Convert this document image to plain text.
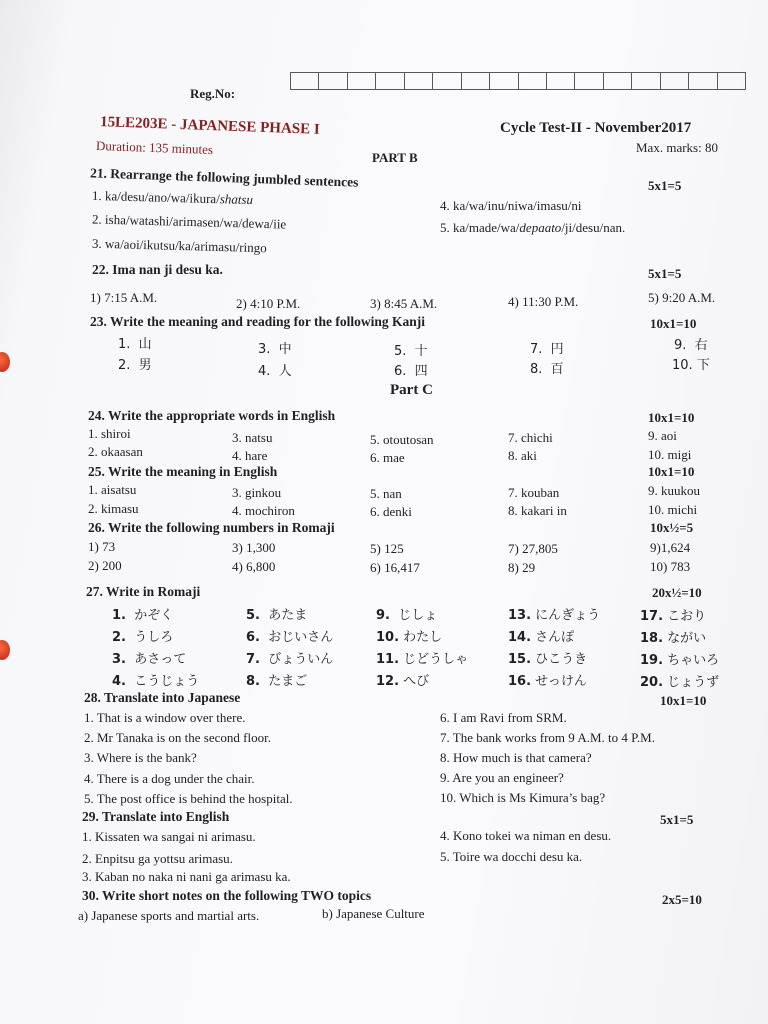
Reg.No:
15LE203E - JAPANESE PHASE I	Cycle Test-II - November2017
Duration: 135 minutes
PART B
Max. marks: 80
21. Rearrange the following jumbled sentences	5x1=5
1. ka/desu/ano/wa/ikura/shatsu
2. isha/watashi/arimasen/wa/dewa/iie
3. wa/aoi/ikutsu/ka/arimasu/ringo
4. ka/wa/inu/niwa/imasu/ni
5. ka/made/wa/depaato/ji/desu/nan.
22. Ima nan ji desu ka.	5x1=5
1) 7:15 A.M.	2) 4:10 P.M.	3) 8:45 A.M.	4) 11:30 P.M.	5) 9:20 A.M.
23. Write the meaning and reading for the following Kanji	10x1=10
1. 山
2. 男
3. 中
4. 人
5. 十
6. 四
7. 円
8. 百
9. 右
10. 下
Part C
24. Write the appropriate words in English	10x1=10
1. shiroi
2. okaasan
3. natsu
4. hare
5. otoutosan
6. mae
7. chichi
8. aki
9. aoi
10. migi
25. Write the meaning in English	10x1=10
1. aisatsu
2. kimasu
3. ginkou
4. mochiron
5. nan
6. denki
7. kouban
8. kakari in
9. kuukou
10. michi
26. Write the following numbers in Romaji	10x½=5
1) 73
2) 200
3) 1,300
4) 6,800
5) 125
6) 16,417
7) 27,805
8) 29
9)1,624
10) 783
27. Write in Romaji	20x½=10
1. かぞく
2. うしろ
3. あさって
4. こうじょう
5. あたま
6. おじいさん
7. びょういん
8. たまご
9. じしょ
10. わたし
11. じどうしゃ
12. へび
13. にんぎょう
14. さんぽ
15. ひこうき
16. せっけん
17. こおり
18. ながい
19. ちゃいろ
20. じょうず
28. Translate into Japanese	10x1=10
1. That is a window over there.
2. Mr Tanaka is on the second floor.
3. Where is the bank?
4. There is a dog under the chair.
5. The post office is behind the hospital.
6. I am Ravi from SRM.
7. The bank works from 9 A.M. to 4 P.M.
8. How much is that camera?
9. Are you an engineer?
10. Which is Ms Kimura’s bag?
29. Translate into English	5x1=5
1. Kissaten wa sangai ni arimasu.
2. Enpitsu ga yottsu arimasu.
3. Kaban no naka ni nani ga arimasu ka.
4. Kono tokei wa niman en desu.
5. Toire wa docchi desu ka.
30. Write short notes on the following TWO topics	2x5=10
a) Japanese sports and martial arts.	b) Japanese Culture
